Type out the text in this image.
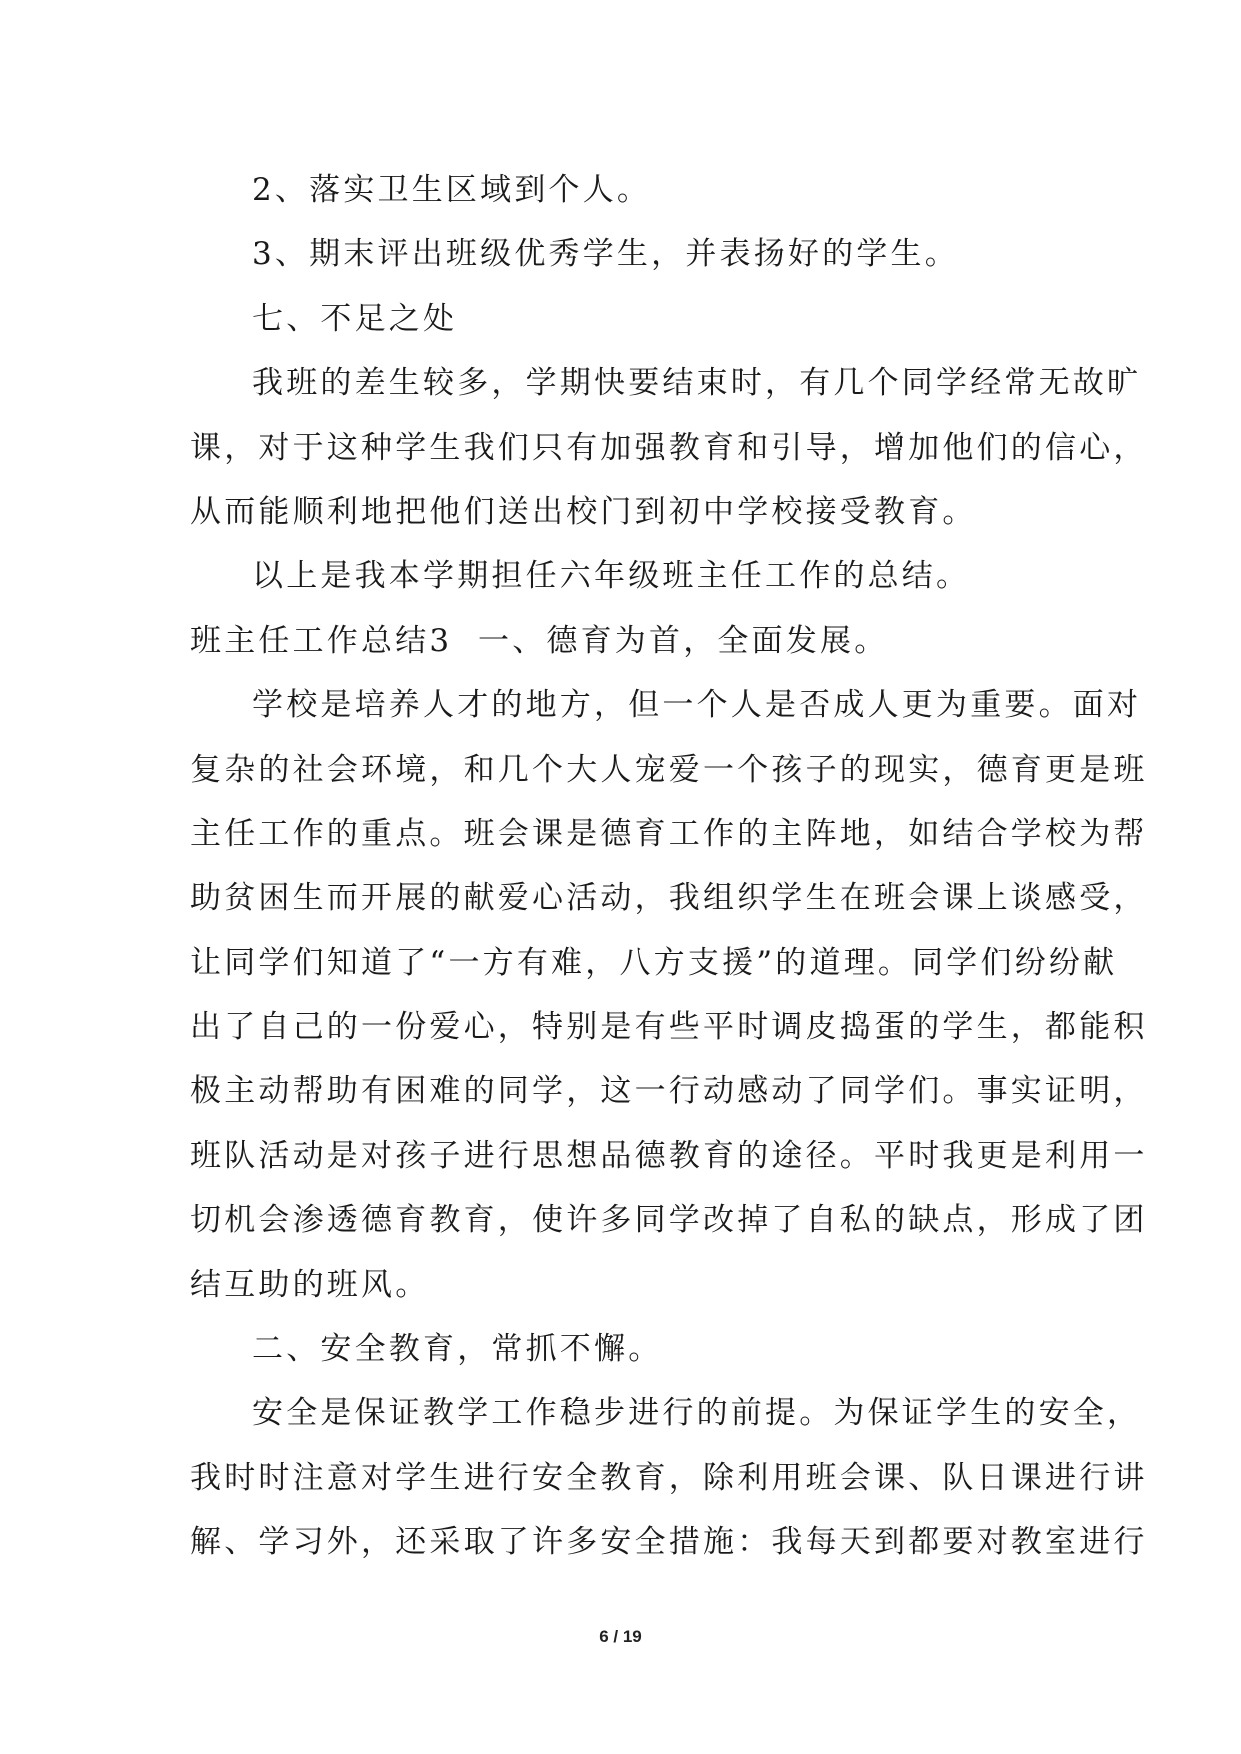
2、落实卫生区域到个人。
3、期末评出班级优秀学生，并表扬好的学生。
七、不足之处
我班的差生较多，学期快要结束时，有几个同学经常无故旷
课，对于这种学生我们只有加强教育和引导，增加他们的信心，
从而能顺利地把他们送出校门到初中学校接受教育。
以上是我本学期担任六年级班主任工作的总结。
班主任工作总结3 一、德育为首，全面发展。
学校是培养人才的地方，但一个人是否成人更为重要。面对
复杂的社会环境，和几个大人宠爱一个孩子的现实，德育更是班
主任工作的重点。班会课是德育工作的主阵地，如结合学校为帮
助贫困生而开展的献爱心活动，我组织学生在班会课上谈感受，
让同学们知道了“一方有难，八方支援”的道理。同学们纷纷献
出了自己的一份爱心，特别是有些平时调皮捣蛋的学生，都能积
极主动帮助有困难的同学，这一行动感动了同学们。事实证明，
班队活动是对孩子进行思想品德教育的途径。平时我更是利用一
切机会渗透德育教育，使许多同学改掉了自私的缺点，形成了团
结互助的班风。
二、安全教育，常抓不懈。
安全是保证教学工作稳步进行的前提。为保证学生的安全，
我时时注意对学生进行安全教育，除利用班会课、队日课进行讲
解、学习外，还采取了许多安全措施：我每天到都要对教室进行
6 / 19
